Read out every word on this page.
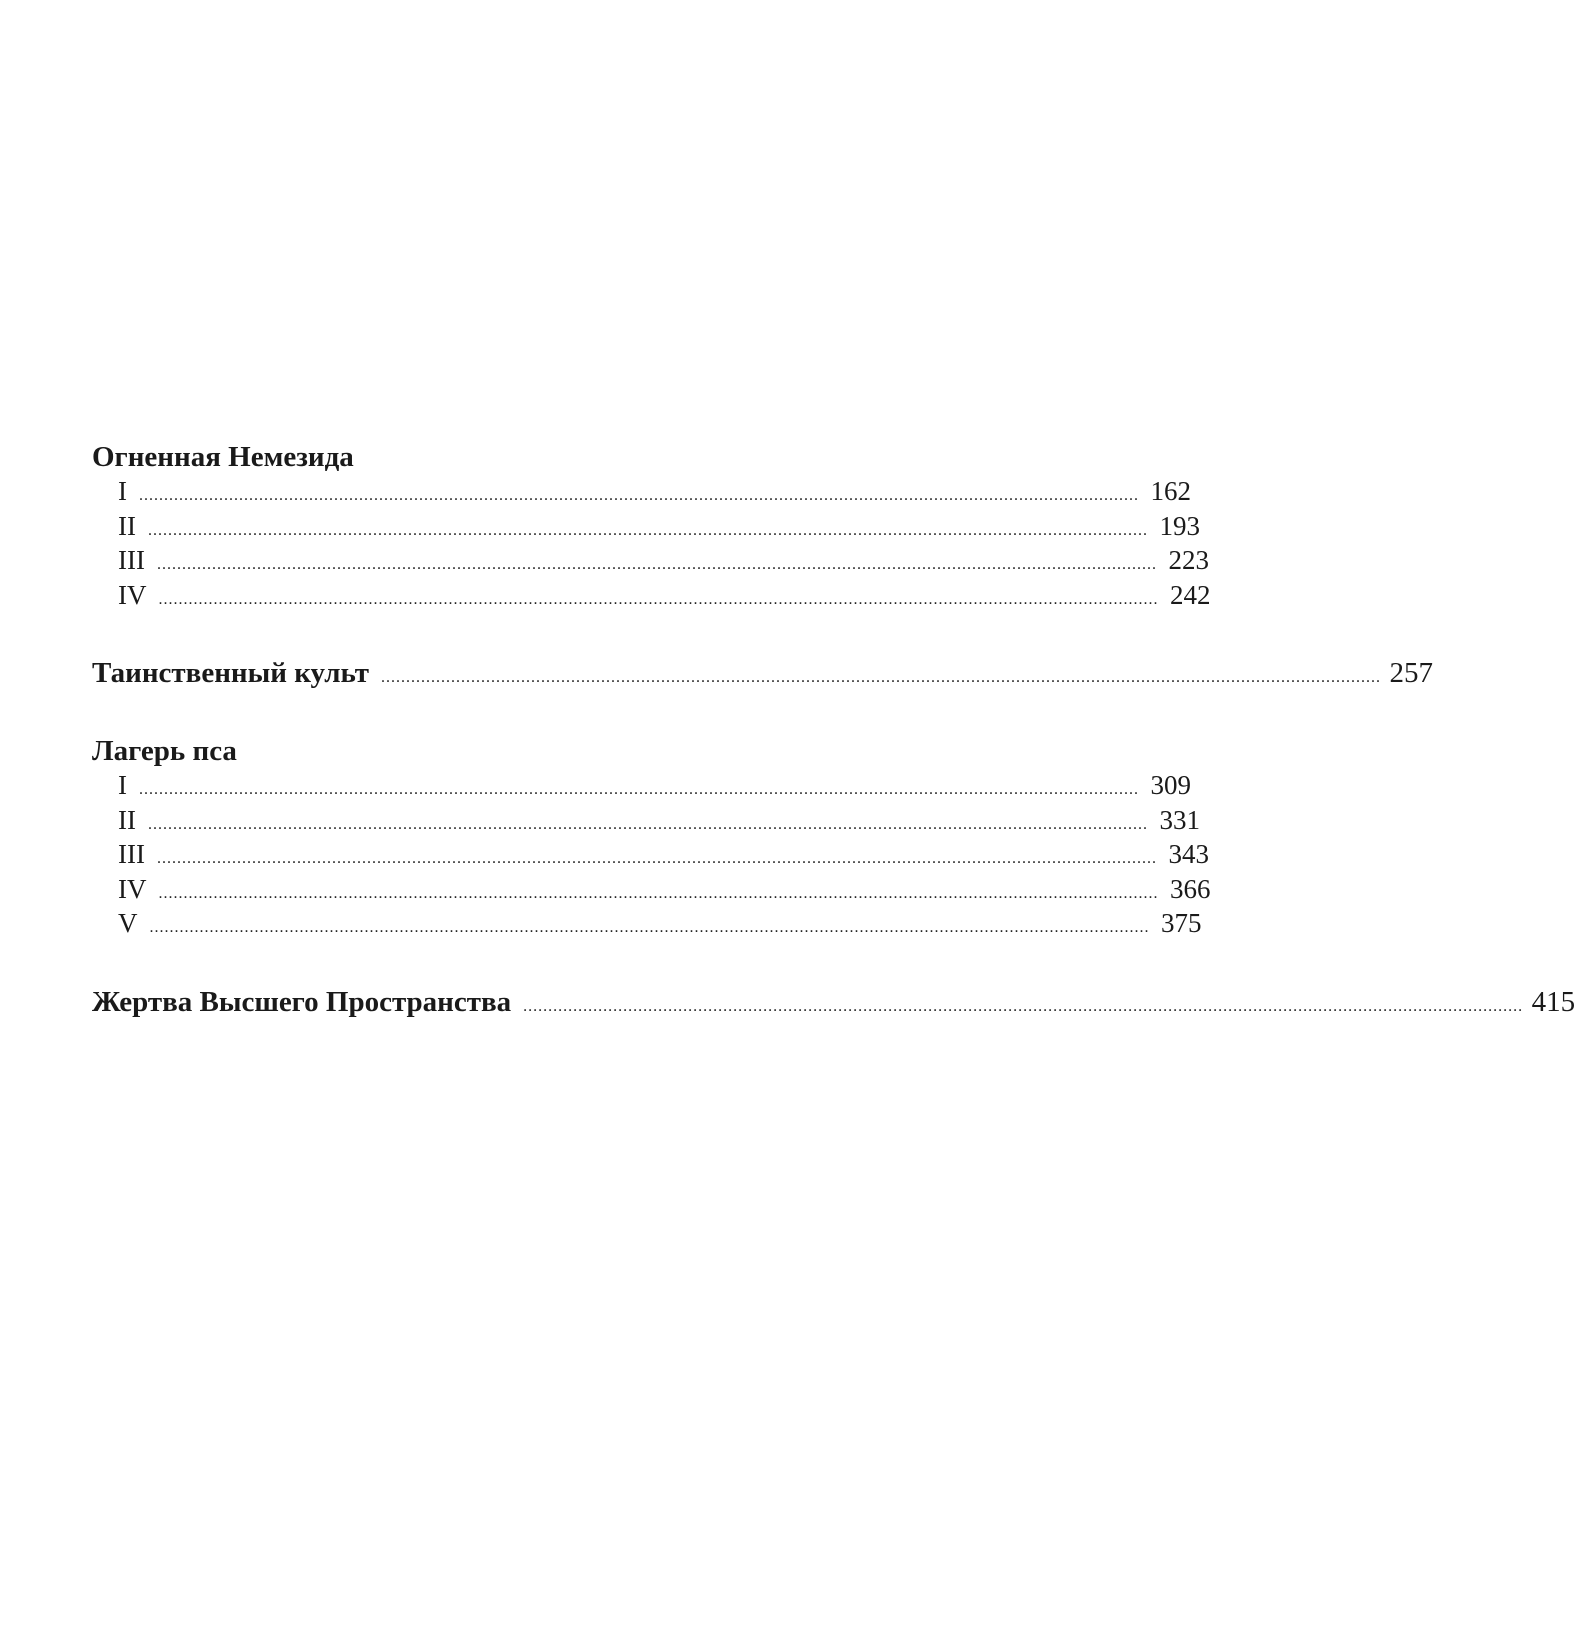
Огненная Немезида
I ........................................................................................................................................................................................................ 162
II ........................................................................................................................................................................................................ 193
III ........................................................................................................................................................................................................ 223
IV ........................................................................................................................................................................................................ 242
Таинственный культ ........................................................................................................................................................................................................ 257
Лагерь пса
I ........................................................................................................................................................................................................ 309
II ........................................................................................................................................................................................................ 331
III ........................................................................................................................................................................................................ 343
IV ........................................................................................................................................................................................................ 366
V ........................................................................................................................................................................................................ 375
Жертва Высшего Пространства ........................................................................................................................................................................................................ 415
